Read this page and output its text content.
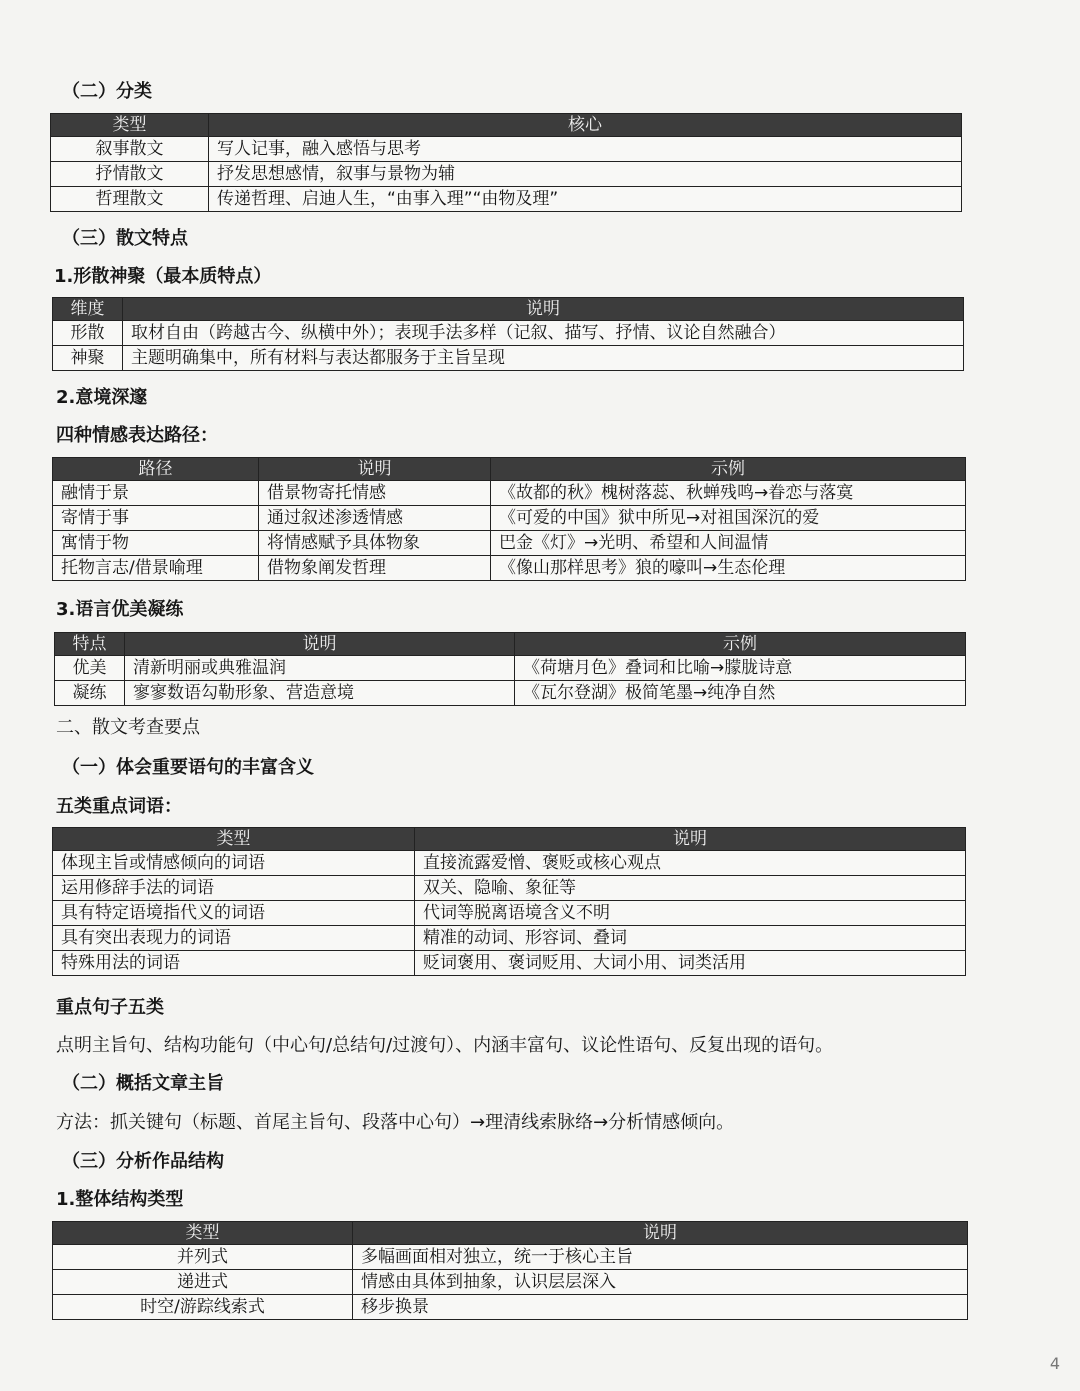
（二）分类
类型	核心
叙事散文	写人记事，融入感悟与思考
抒情散文	抒发思想感情，叙事与景物为辅
哲理散文	传递哲理、启迪人生，“由事入理”“由物及理”
（三）散文特点
1.形散神聚（最本质特点）
维度	说明
形散	取材自由（跨越古今、纵横中外）；表现手法多样（记叙、描写、抒情、议论自然融合）
神聚	主题明确集中，所有材料与表达都服务于主旨呈现
2.意境深邃
四种情感表达路径：
路径	说明	示例
融情于景	借景物寄托情感	《故都的秋》槐树落蕊、秋蝉残鸣→眷恋与落寞
寄情于事	通过叙述渗透情感	《可爱的中国》狱中所见→对祖国深沉的爱
寓情于物	将情感赋予具体物象	巴金《灯》→光明、希望和人间温情
托物言志/借景喻理	借物象阐发哲理	《像山那样思考》狼的嚎叫→生态伦理
3.语言优美凝练
特点	说明	示例
优美	清新明丽或典雅温润	《荷塘月色》叠词和比喻→朦胧诗意
凝练	寥寥数语勾勒形象、营造意境	《瓦尔登湖》极简笔墨→纯净自然
二、散文考查要点
（一）体会重要语句的丰富含义
五类重点词语：
类型	说明
体现主旨或情感倾向的词语	直接流露爱憎、褒贬或核心观点
运用修辞手法的词语	双关、隐喻、象征等
具有特定语境指代义的词语	代词等脱离语境含义不明
具有突出表现力的词语	精准的动词、形容词、叠词
特殊用法的词语	贬词褒用、褒词贬用、大词小用、词类活用
重点句子五类
点明主旨句、结构功能句（中心句/总结句/过渡句）、内涵丰富句、议论性语句、反复出现的语句。
（二）概括文章主旨
方法：抓关键句（标题、首尾主旨句、段落中心句）→理清线索脉络→分析情感倾向。
（三）分析作品结构
1.整体结构类型
类型	说明
并列式	多幅画面相对独立，统一于核心主旨
递进式	情感由具体到抽象，认识层层深入
时空/游踪线索式	移步换景
4
